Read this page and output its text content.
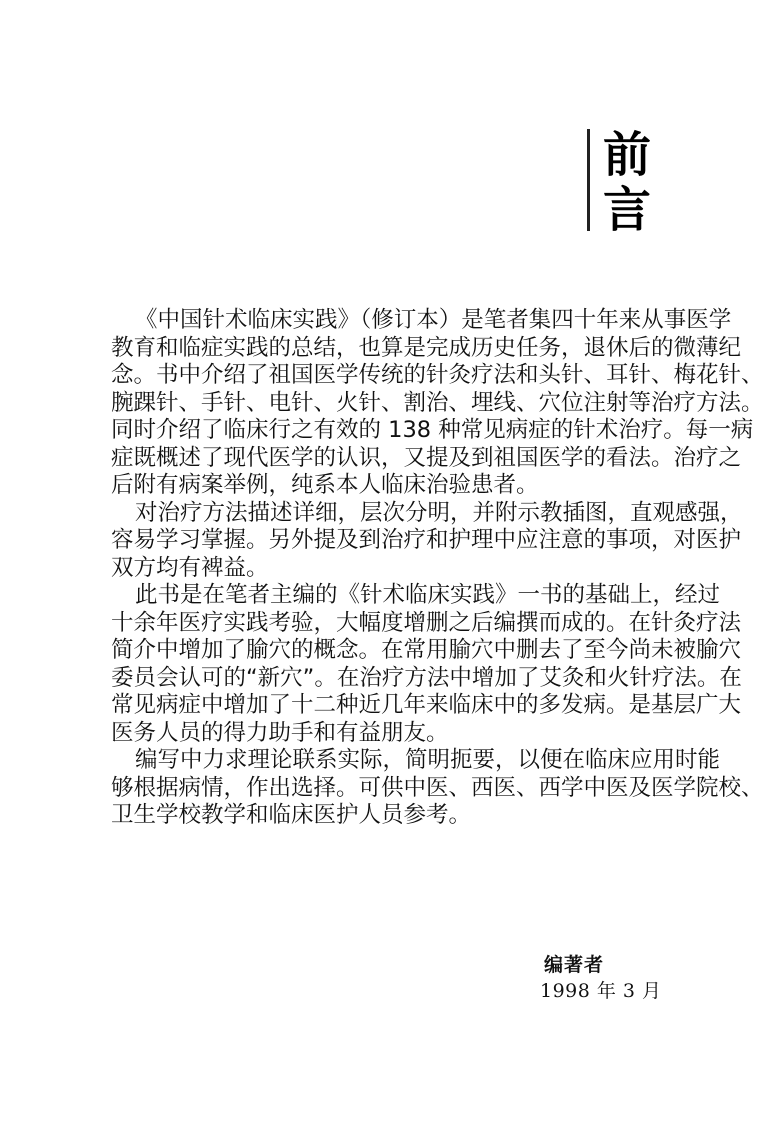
前
言
《中国针术临床实践》（修订本）是笔者集四十年来从事医学
教育和临症实践的总结，也算是完成历史任务，退休后的微薄纪
念。书中介绍了祖国医学传统的针灸疗法和头针、耳针、梅花针、
腕踝针、手针、电针、火针、割治、埋线、穴位注射等治疗方法。
同时介绍了临床行之有效的 138 种常见病症的针术治疗。每一病
症既概述了现代医学的认识，又提及到祖国医学的看法。治疗之
后附有病案举例，纯系本人临床治验患者。
对治疗方法描述详细，层次分明，并附示教插图，直观感强，
容易学习掌握。另外提及到治疗和护理中应注意的事项，对医护
双方均有裨益。
此书是在笔者主编的《针术临床实践》一书的基础上，经过
十余年医疗实践考验，大幅度增删之后编撰而成的。在针灸疗法
简介中增加了腧穴的概念。在常用腧穴中删去了至今尚未被腧穴
委员会认可的“新穴”。在治疗方法中增加了艾灸和火针疗法。在
常见病症中增加了十二种近几年来临床中的多发病。是基层广大
医务人员的得力助手和有益朋友。
编写中力求理论联系实际，简明扼要，以便在临床应用时能
够根据病情，作出选择。可供中医、西医、西学中医及医学院校、
卫生学校教学和临床医护人员参考。
编著者
1998 年 3 月
